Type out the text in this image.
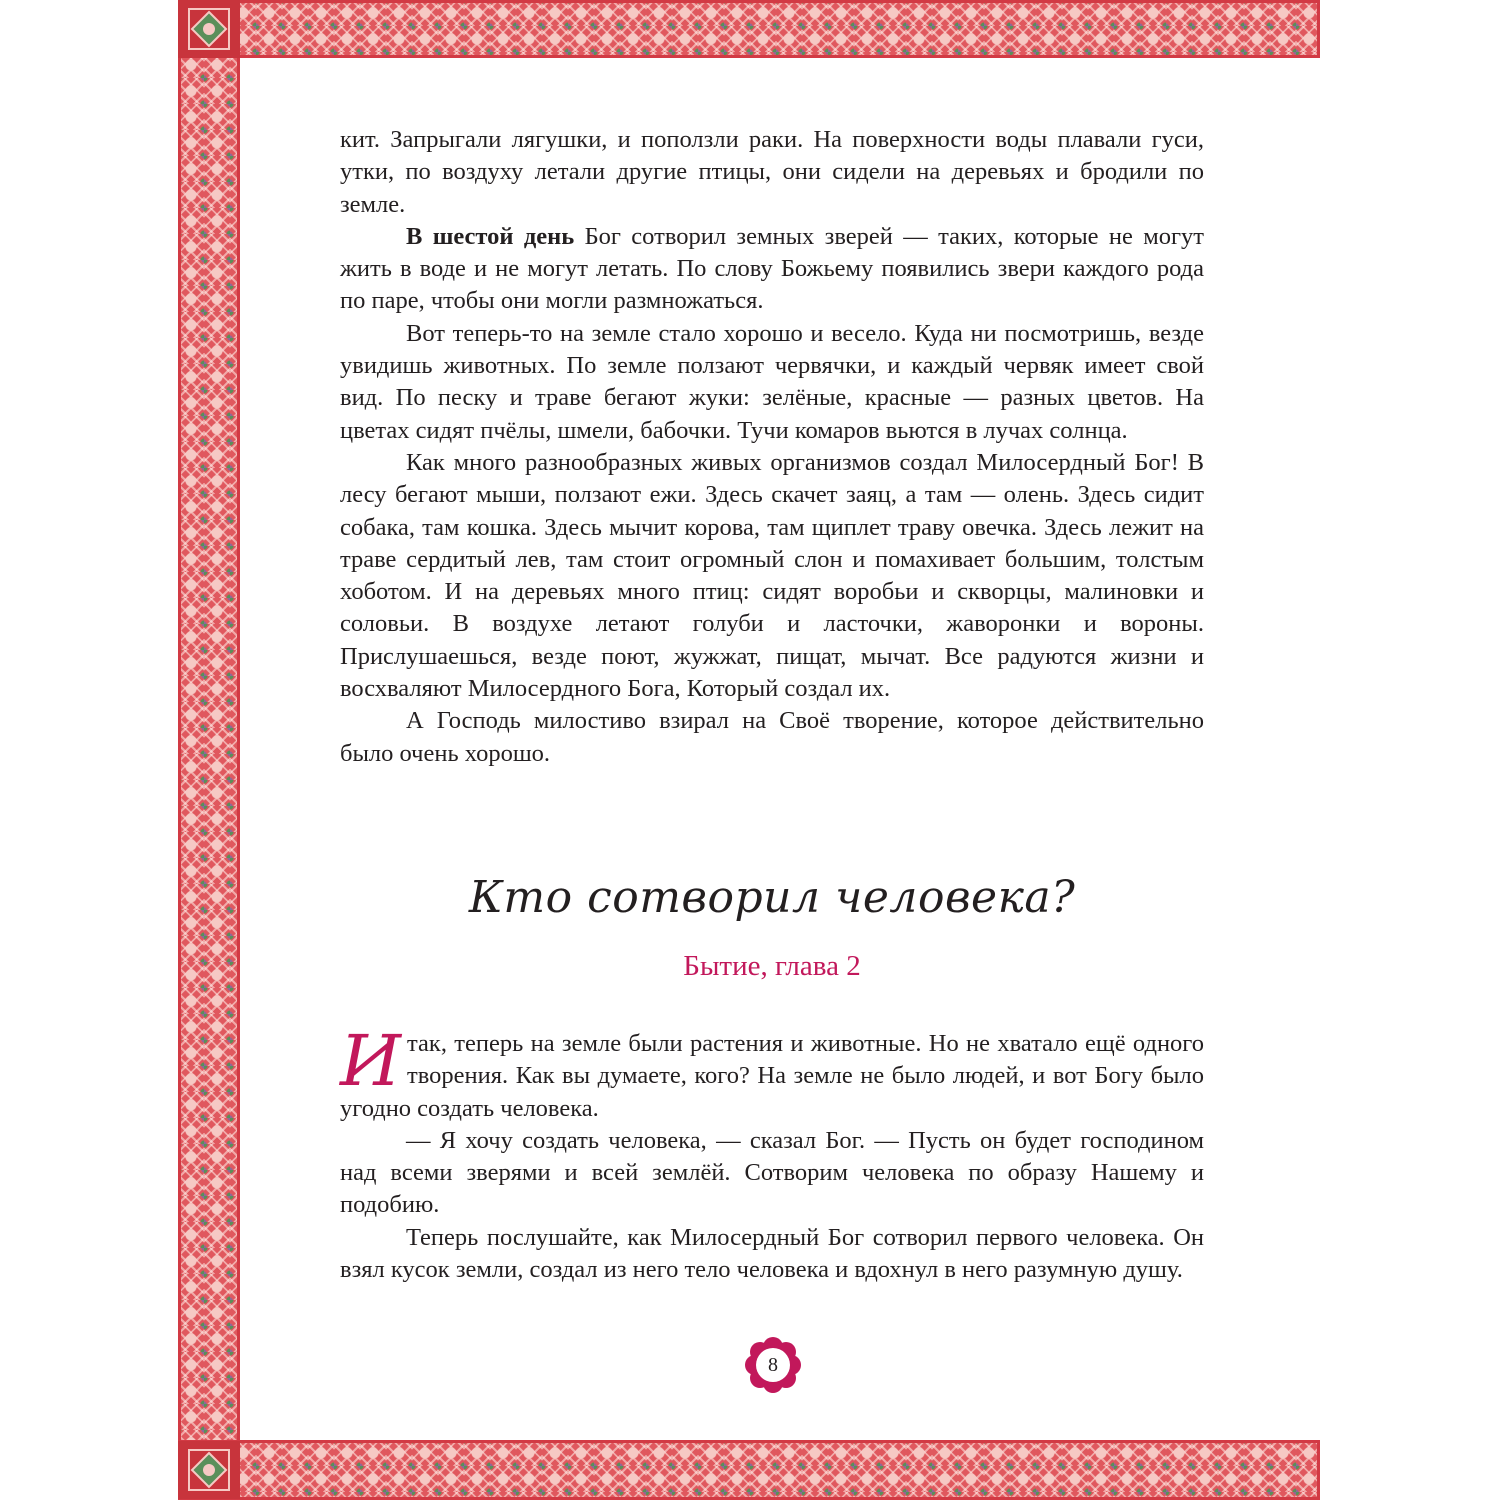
кит. Запрыгали лягушки, и поползли раки. На поверхности воды плавали гуси, утки, по воздуху летали другие птицы, они сидели на деревьях и бродили по земле.

В шестой день Бог сотворил земных зверей — таких, которые не могут жить в воде и не могут летать. По слову Божьему появились звери каждого рода по паре, чтобы они могли размножаться.

Вот теперь-то на земле стало хорошо и весело. Куда ни посмотришь, везде увидишь животных. По земле ползают червячки, и каждый червяк имеет свой вид. По песку и траве бегают жуки: зелёные, красные — разных цветов. На цветах сидят пчёлы, шмели, бабочки. Тучи комаров вьются в лучах солнца.

Как много разнообразных живых организмов создал Милосердный Бог! В лесу бегают мыши, ползают ежи. Здесь скачет заяц, а там — олень. Здесь сидит собака, там кошка. Здесь мычит корова, там щиплет траву овечка. Здесь лежит на траве сердитый лев, там стоит огромный слон и помахивает большим, толстым хоботом. И на деревьях много птиц: сидят воробьи и скворцы, малиновки и соловьи. В воздухе летают голуби и ласточки, жаворонки и вороны. Прислушаешься, везде поют, жужжат, пищат, мычат. Все радуются жизни и восхваляют Милосердного Бога, Который создал их.

А Господь милостиво взирал на Своё творение, которое действительно было очень хорошо.

Кто сотворил человека?
Бытие, глава 2

Итак, теперь на земле были растения и животные. Но не хватало ещё одного творения. Как вы думаете, кого? На земле не было людей, и вот Богу было угодно создать человека.

— Я хочу создать человека, — сказал Бог. — Пусть он будет господином над всеми зверями и всей землёй. Сотворим человека по образу Нашему и подобию.

Теперь послушайте, как Милосердный Бог сотворил первого человека. Он взял кусок земли, создал из него тело человека и вдохнул в него разумную душу.

8
